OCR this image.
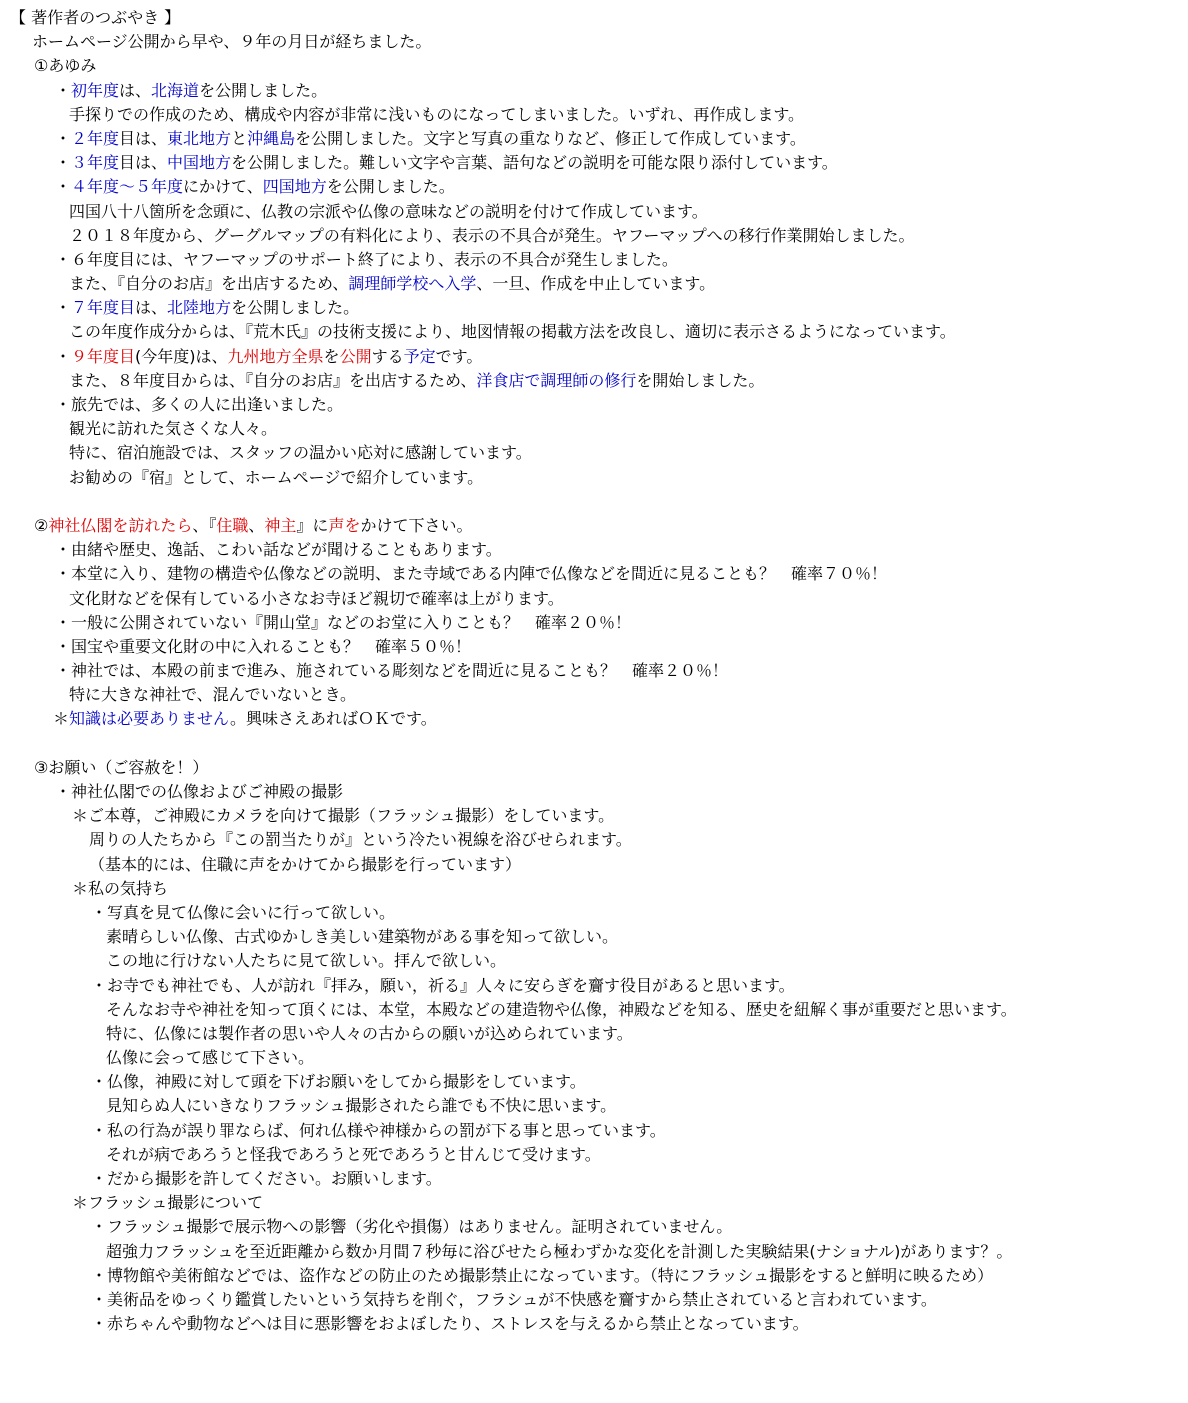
【 著作者のつぶやき 】
ホームページ公開から早や、９年の月日が経ちました。
①あゆみ
・初年度は、北海道を公開しました。
手探りでの作成のため、構成や内容が非常に浅いものになってしまいました。いずれ、再作成します。
・２年度目は、東北地方と沖縄島を公開しました。文字と写真の重なりなど、修正して作成しています。
・３年度目は、中国地方を公開しました。難しい文字や言葉、語句などの説明を可能な限り添付しています。
・４年度～５年度にかけて、四国地方を公開しました。
四国八十八箇所を念頭に、仏教の宗派や仏像の意味などの説明を付けて作成しています。
２０１８年度から、グーグルマップの有料化により、表示の不具合が発生。ヤフーマップへの移行作業開始しました。
・６年度目には、ヤフーマップのサポート終了により、表示の不具合が発生しました。
また、『自分のお店』を出店するため、調理師学校へ入学、一旦、作成を中止しています。
・７年度目は、北陸地方を公開しました。
この年度作成分からは、『荒木氏』の技術支援により、地図情報の掲載方法を改良し、適切に表示さるようになっています。
・９年度目(今年度)は、九州地方全県を公開する予定です。
また、８年度目からは、『自分のお店』を出店するため、洋食店で調理師の修行を開始しました。
・旅先では、多くの人に出逢いました。
観光に訪れた気さくな人々。
特に、宿泊施設では、スタッフの温かい応対に感謝しています。
お勧めの『宿』として、ホームページで紹介しています。
②神社仏閣を訪れたら、『住職、神主』に声をかけて下さい。
・由緒や歴史、逸話、こわい話などが聞けることもあります。
・本堂に入り、建物の構造や仏像などの説明、また寺域である内陣で仏像などを間近に見ることも？　確率７０％！
文化財などを保有している小さなお寺ほど親切で確率は上がります。
・一般に公開されていない『開山堂』などのお堂に入りことも？　確率２０％！
・国宝や重要文化財の中に入れることも？　確率５０％！
・神社では、本殿の前まで進み、施されている彫刻などを間近に見ることも？　確率２０％！
特に大きな神社で、混んでいないとき。
＊知識は必要ありません。興味さえあればＯＫです。
③お願い（ご容赦を！）
・神社仏閣での仏像およびご神殿の撮影
＊ご本尊，ご神殿にカメラを向けて撮影（フラッシュ撮影）をしています。
周りの人たちから『この罰当たりが』という冷たい視線を浴びせられます。
（基本的には、住職に声をかけてから撮影を行っています）
＊私の気持ち
・写真を見て仏像に会いに行って欲しい。
素晴らしい仏像、古式ゆかしき美しい建築物がある事を知って欲しい。
この地に行けない人たちに見て欲しい。拝んで欲しい。
・お寺でも神社でも、人が訪れ『拝み，願い，祈る』人々に安らぎを齎す役目があると思います。
そんなお寺や神社を知って頂くには、本堂，本殿などの建造物や仏像，神殿などを知る、歴史を紐解く事が重要だと思います。
特に、仏像には製作者の思いや人々の古からの願いが込められています。
仏像に会って感じて下さい。
・仏像，神殿に対して頭を下げお願いをしてから撮影をしています。
見知らぬ人にいきなりフラッシュ撮影されたら誰でも不快に思います。
・私の行為が誤り罪ならば、何れ仏様や神様からの罰が下る事と思っています。
それが病であろうと怪我であろうと死であろうと甘んじて受けます。
・だから撮影を許してください。お願いします。
＊フラッシュ撮影について
・フラッシュ撮影で展示物への影響（劣化や損傷）はありません。証明されていません。
超強力フラッシュを至近距離から数か月間７秒毎に浴びせたら極わずかな変化を計測した実験結果(ナショナル)があります？。
・博物館や美術館などでは、盗作などの防止のため撮影禁止になっています。（特にフラッシュ撮影をすると鮮明に映るため）
・美術品をゆっくり鑑賞したいという気持ちを削ぐ，フラシュが不快感を齎すから禁止されていると言われています。
・赤ちゃんや動物などへは目に悪影響をおよぼしたり、ストレスを与えるから禁止となっています。
